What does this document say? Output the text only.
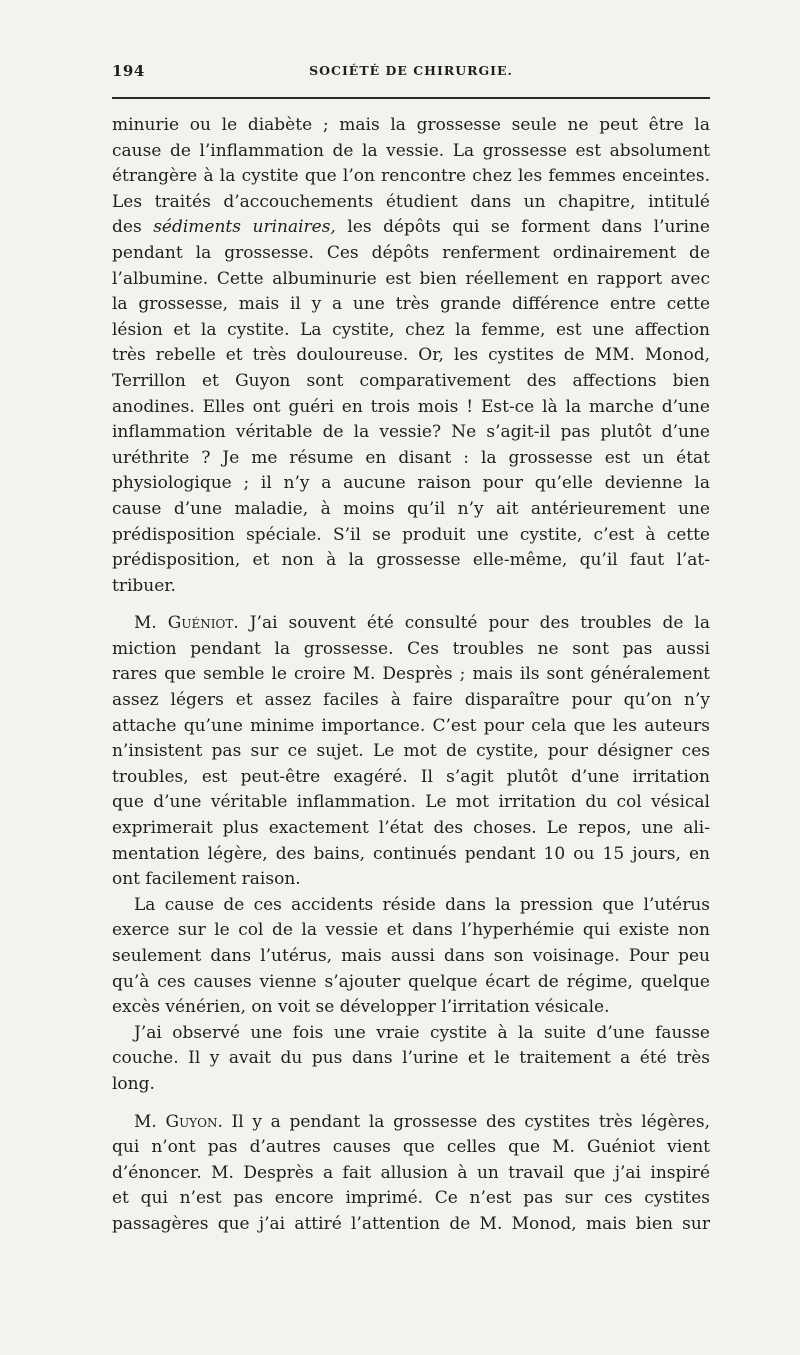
194	SOCIÉTÉ DE CHIRURGIE.
minurie ou le diabète ; mais la grossesse seule ne peut être la
cause de l’inflammation de la vessie. La grossesse est absolument
étrangère à la cystite que l’on rencontre chez les femmes enceintes.
Les traités d’accouchements étudient dans un chapitre, intitulé
des sédiments urinaires, les dépôts qui se forment dans l’urine
pendant la grossesse. Ces dépôts renferment ordinairement de
l’albumine. Cette albuminurie est bien réellement en rapport avec
la grossesse, mais il y a une très grande différence entre cette
lésion et la cystite. La cystite, chez la femme, est une affection
très rebelle et très douloureuse. Or, les cystites de MM. Monod,
Terrillon et Guyon sont comparativement des affections bien
anodines. Elles ont guéri en trois mois ! Est-ce là la marche d’une
inflammation véritable de la vessie? Ne s’agit-il pas plutôt d’une
uréthrite ? Je me résume en disant : la grossesse est un état
physiologique ; il n’y a aucune raison pour qu’elle devienne la
cause d’une maladie, à moins qu’il n’y ait antérieurement une
prédisposition spéciale. S’il se produit une cystite, c’est à cette
prédisposition, et non à la grossesse elle-même, qu’il faut l’at-
tribuer.
M. Guéniot. J’ai souvent été consulté pour des troubles de la
miction pendant la grossesse. Ces troubles ne sont pas aussi
rares que semble le croire M. Desprès ; mais ils sont généralement
assez légers et assez faciles à faire disparaître pour qu’on n’y
attache qu’une minime importance. C’est pour cela que les auteurs
n’insistent pas sur ce sujet. Le mot de cystite, pour désigner ces
troubles, est peut-être exagéré. Il s’agit plutôt d’une irritation
que d’une véritable inflammation. Le mot irritation du col vésical
exprimerait plus exactement l’état des choses. Le repos, une ali-
mentation légère, des bains, continués pendant 10 ou 15 jours, en
ont facilement raison.
La cause de ces accidents réside dans la pression que l’utérus
exerce sur le col de la vessie et dans l’hyperhémie qui existe non
seulement dans l’utérus, mais aussi dans son voisinage. Pour peu
qu’à ces causes vienne s’ajouter quelque écart de régime, quelque
excès vénérien, on voit se développer l’irritation vésicale.
J’ai observé une fois une vraie cystite à la suite d’une fausse
couche. Il y avait du pus dans l’urine et le traitement a été très
long.
M. Guyon. Il y a pendant la grossesse des cystites très légères,
qui n’ont pas d’autres causes que celles que M. Guéniot vient
d’énoncer. M. Desprès a fait allusion à un travail que j’ai inspiré
et qui n’est pas encore imprimé. Ce n’est pas sur ces cystites
passagères que j’ai attiré l’attention de M. Monod, mais bien sur
